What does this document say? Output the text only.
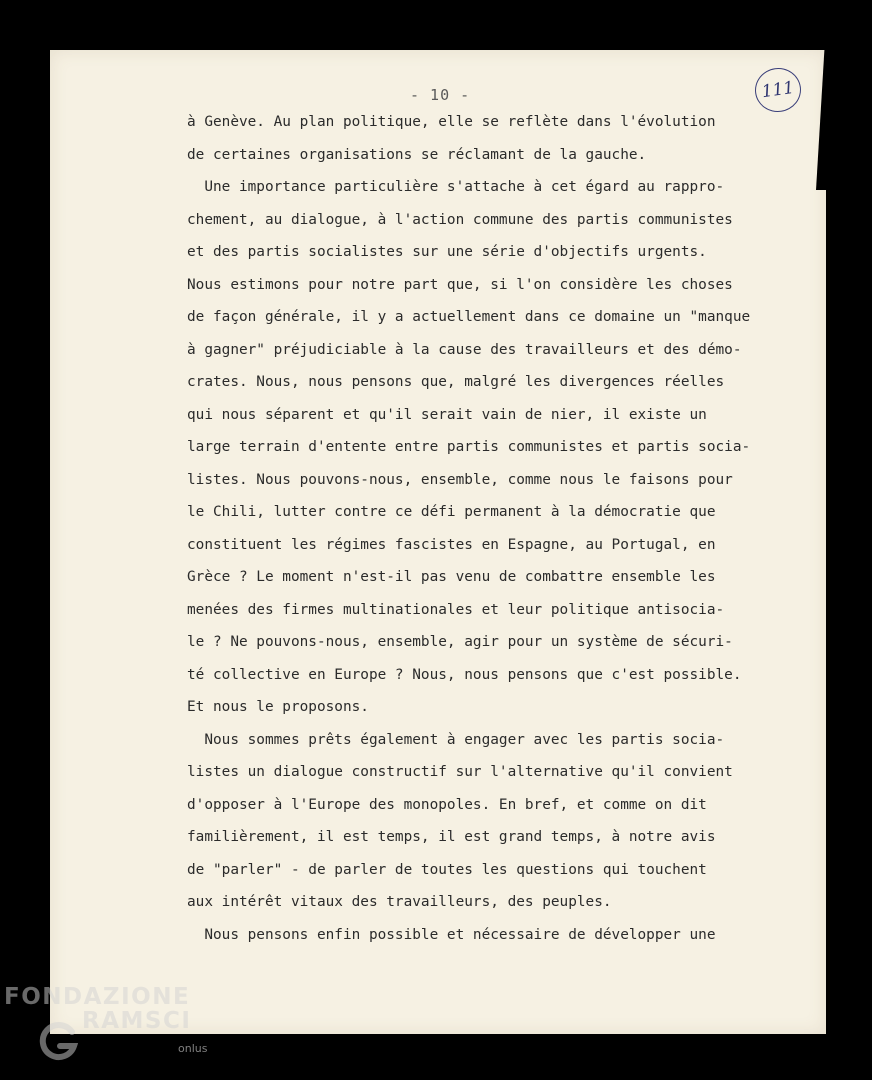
- 10 -	111
à Genève. Au plan politique, elle se reflète dans l'évolution
de certaines organisations se réclamant de la gauche.
Une importance particulière s'attache à cet égard au rappro-
chement, au dialogue, à l'action commune des partis communistes
et des partis socialistes sur une série d'objectifs urgents.
Nous estimons pour notre part que, si l'on considère les choses
de façon générale, il y a actuellement dans ce domaine un "manque
à gagner" préjudiciable à la cause des travailleurs et des démo-
crates. Nous, nous pensons que, malgré les divergences réelles
qui nous séparent et qu'il serait vain de nier, il existe un
large terrain d'entente entre partis communistes et partis socia-
listes. Nous pouvons-nous, ensemble, comme nous le faisons pour
le Chili, lutter contre ce défi permanent à la démocratie que
constituent les régimes fascistes en Espagne, au Portugal, en
Grèce ? Le moment n'est-il pas venu de combattre ensemble les
menées des firmes multinationales et leur politique antisocia-
le ? Ne pouvons-nous, ensemble, agir pour un système de sécuri-
té collective en Europe ? Nous, nous pensons que c'est possible.
Et nous le proposons.
Nous sommes prêts également à engager avec les partis socia-
listes un dialogue constructif sur l'alternative qu'il convient
d'opposer à l'Europe des monopoles. En bref, et comme on dit
familièrement, il est temps, il est grand temps, à notre avis
de "parler" - de parler de toutes les questions qui touchent
aux intérêt vitaux des travailleurs, des peuples.
Nous pensons enfin possible et nécessaire de développer une
FONDAZIONE
RAMSCI
onlus
